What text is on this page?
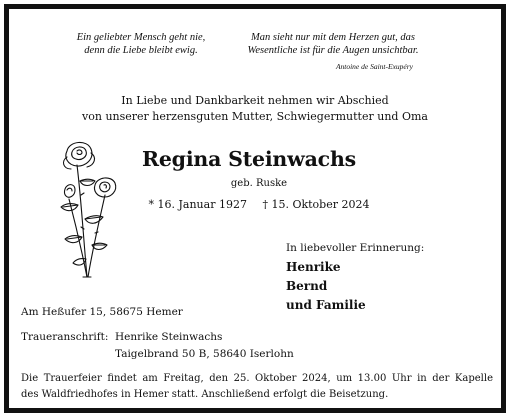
Ein geliebter Mensch geht nie,
denn die Liebe bleibt ewig.
Man sieht nur mit dem Herzen gut, das
Wesentliche ist für die Augen unsichtbar.
Antoine de Saint-Exupéry
In Liebe und Dankbarkeit nehmen wir Abschied
von unserer herzensguten Mutter, Schwiegermutter und Oma
Regina Steinwachs
geb. Ruske
* 16. Januar 1927 † 15. Oktober 2024
In liebevoller Erinnerung:
Henrike
Bernd
und Familie
Am Heßufer 15, 58675 Hemer
Traueranschrift: Henrike Steinwachs
Taigelbrand 50 B, 58640 Iserlohn
Die Trauerfeier findet am Freitag, den 25. Oktober 2024, um 13.00 Uhr in der Kapelle
des Waldfriedhofes in Hemer statt. Anschließend erfolgt die Beisetzung.
